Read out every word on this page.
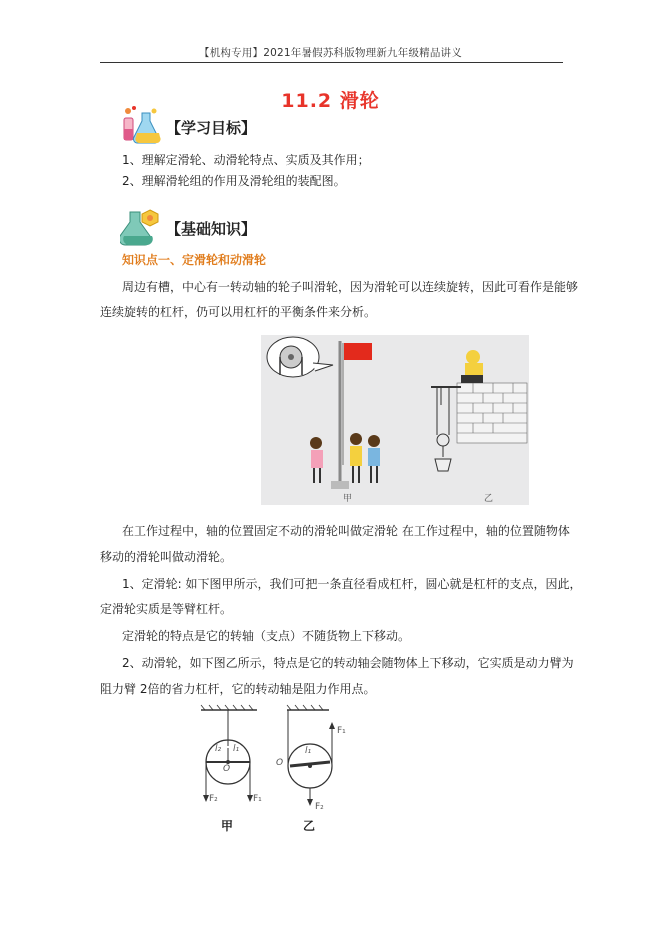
【机构专用】2021年暑假苏科版物理新九年级精品讲义
11.2 滑轮
【学习目标】
1、理解定滑轮、动滑轮特点、实质及其作用；
2、理解滑轮组的作用及滑轮组的装配图。
【基础知识】
知识点一、定滑轮和动滑轮
周边有槽，中心有一转动轴的轮子叫滑轮，因为滑轮可以连续旋转，因此可看作是能够
连续旋转的杠杆，仍可以用杠杆的平衡条件来分析。
甲	乙
在工作过程中，轴的位置固定不动的滑轮叫做定滑轮 在工作过程中，轴的位置随物体
移动的滑轮叫做动滑轮。
1、定滑轮: 如下图甲所示，我们可把一条直径看成杠杆，圆心就是杠杆的支点，因此，
定滑轮实质是等臂杠杆。
定滑轮的特点是它的转轴（支点）不随货物上下移动。
2、动滑轮，如下图乙所示，特点是它的转动轴会随物体上下移动，它实质是动力臂为
阻力臂 2倍的省力杠杆，它的转动轴是阻力作用点。
l₂ l₁
O
F₂	F₁
l₁
O
F₁
F₂
甲	乙
